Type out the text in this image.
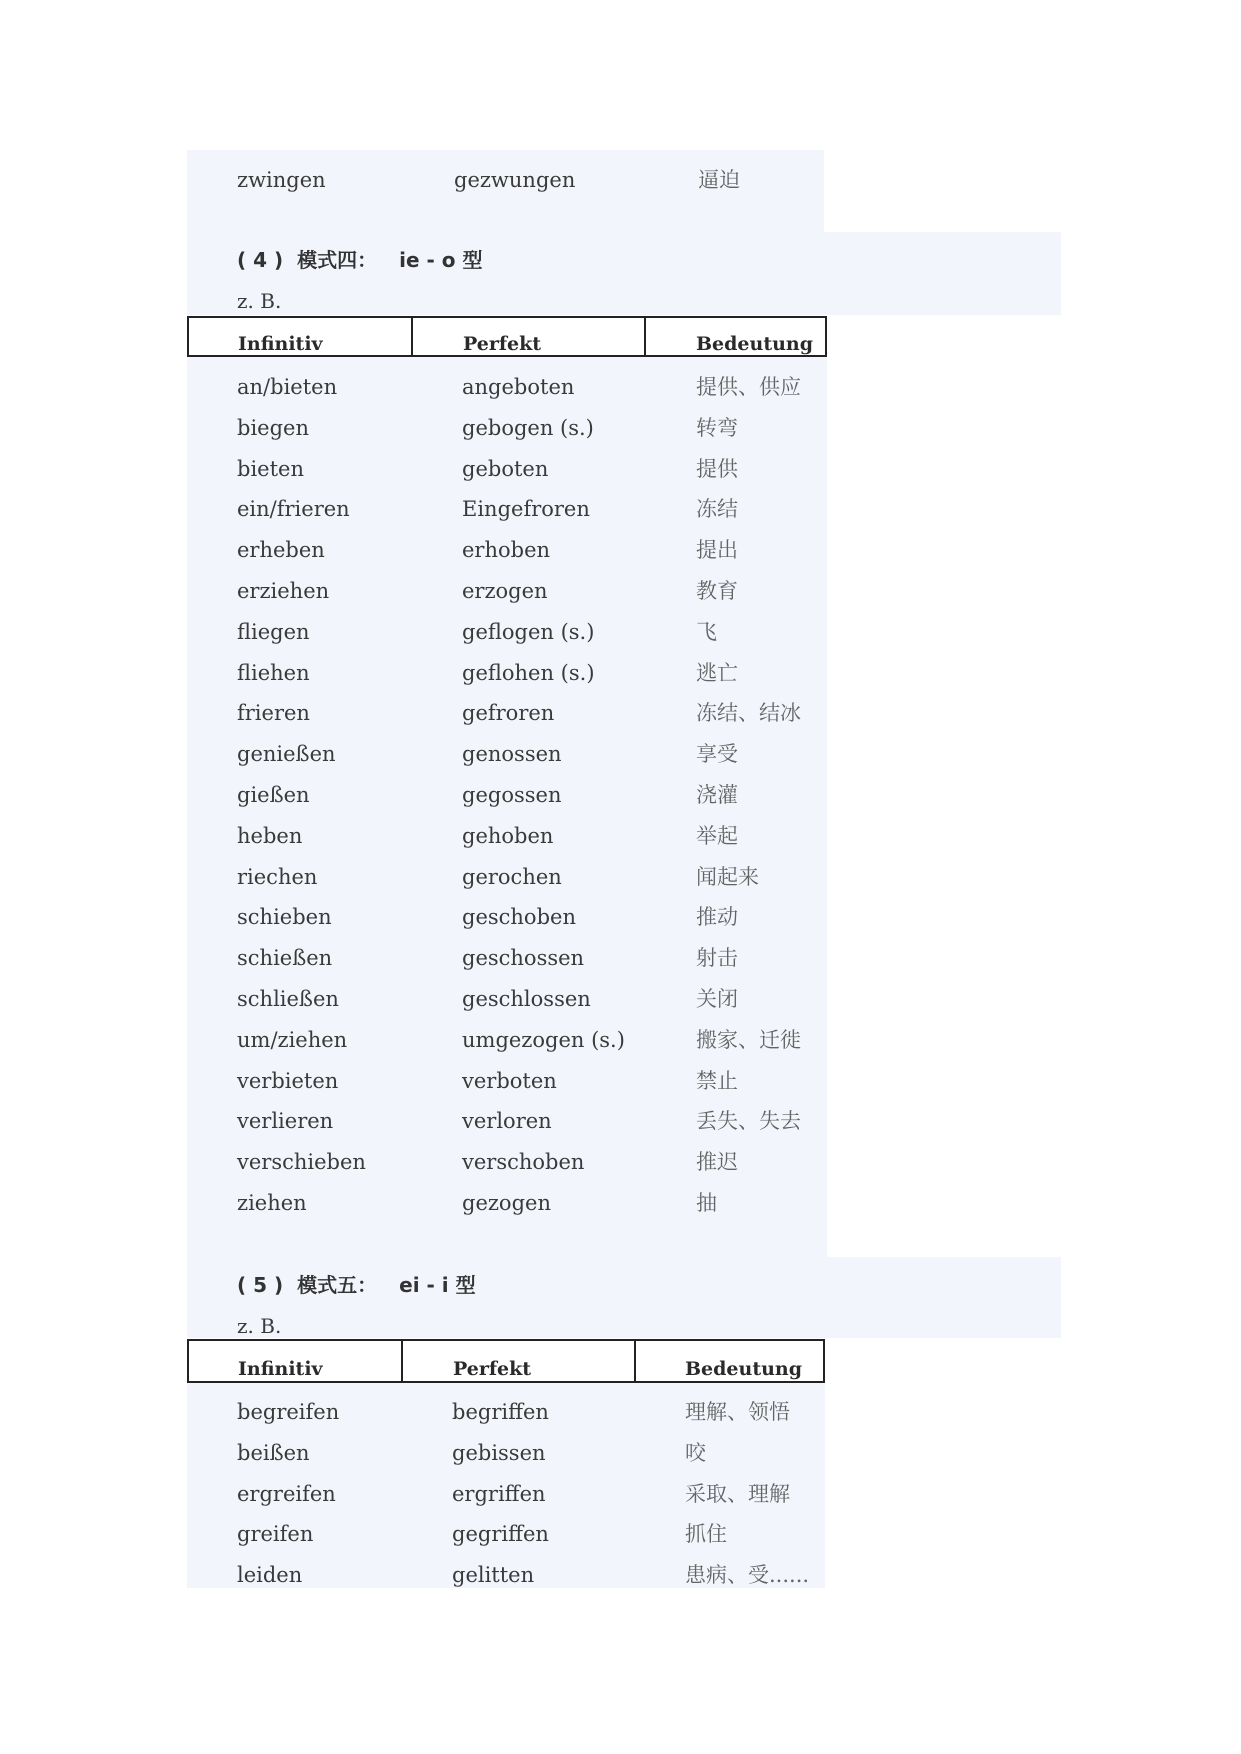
zwingen	gezwungen	逼迫
( 4 ) 模式四： ie - o 型
z. B.
Infinitiv	Perfekt	Bedeutung
an/bieten	angeboten	提供、供应
biegen	gebogen (s.)	转弯
bieten	geboten	提供
ein/frieren	Eingefroren	冻结
erheben	erhoben	提出
erziehen	erzogen	教育
fliegen	geflogen (s.)	飞
fliehen	geflohen (s.)	逃亡
frieren	gefroren	冻结、结冰
genießen	genossen	享受
gießen	gegossen	浇灌
heben	gehoben	举起
riechen	gerochen	闻起来
schieben	geschoben	推动
schießen	geschossen	射击
schließen	geschlossen	关闭
um/ziehen	umgezogen (s.)	搬家、迁徙
verbieten	verboten	禁止
verlieren	verloren	丢失、失去
verschieben	verschoben	推迟
ziehen	gezogen	抽
( 5 ) 模式五： ei - i 型
z. B.
Infinitiv	Perfekt	Bedeutung
begreifen	begriffen	理解、领悟
beißen	gebissen	咬
ergreifen	ergriffen	采取、理解
greifen	gegriffen	抓住
leiden	gelitten	患病、受......
